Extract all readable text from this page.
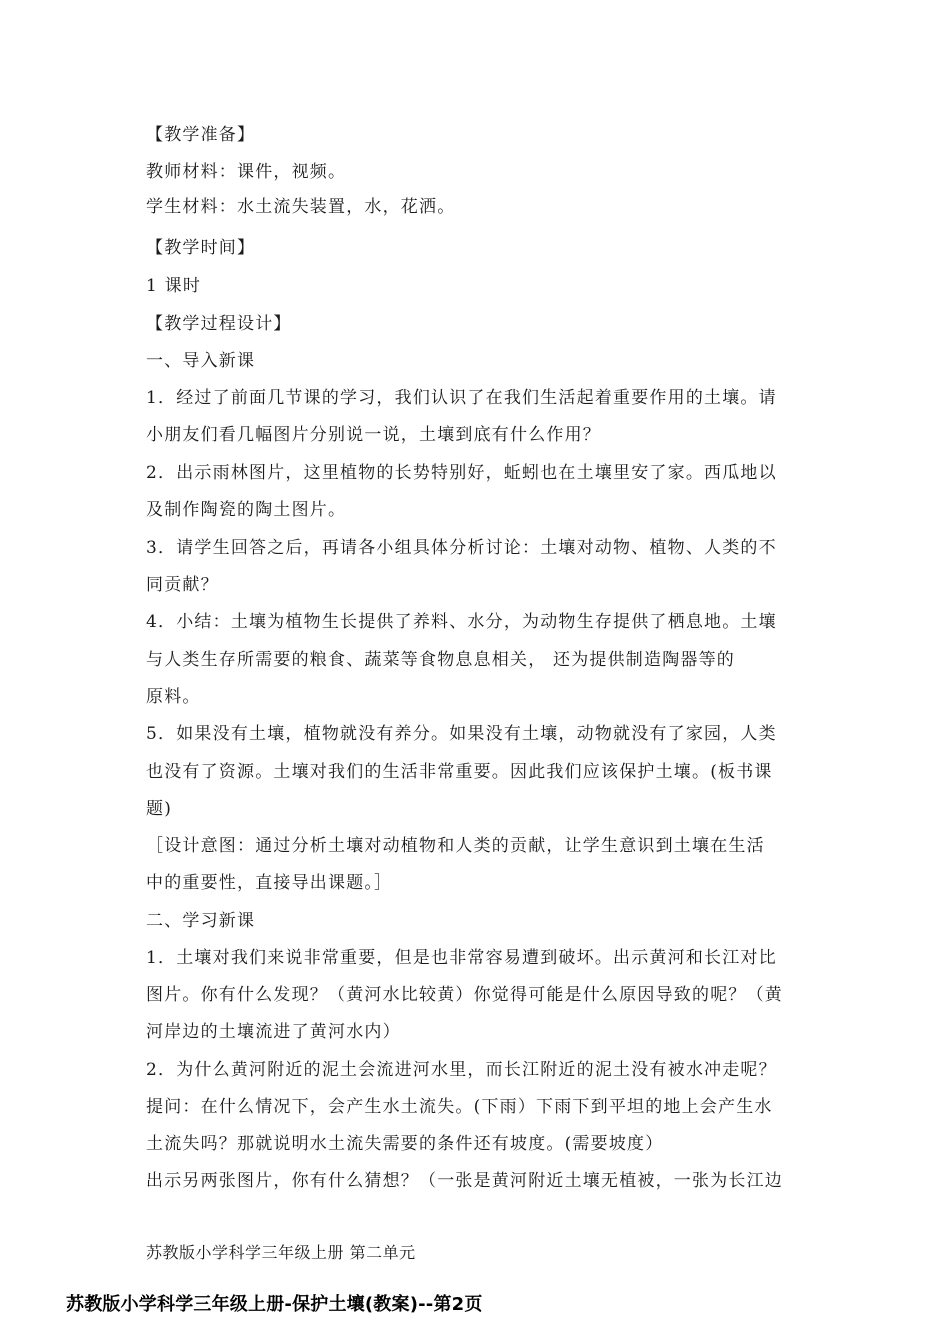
【教学准备】
教师材料：课件，视频。
学生材料：水土流失装置，水，花洒。
【教学时间】
1 课时
【教学过程设计】
一、导入新课
1．经过了前面几节课的学习，我们认识了在我们生活起着重要作用的土壤。请
小朋友们看几幅图片分别说一说，土壤到底有什么作用？
2．出示雨林图片，这里植物的长势特别好，蚯蚓也在土壤里安了家。西瓜地以
及制作陶瓷的陶土图片。
3．请学生回答之后，再请各小组具体分析讨论：土壤对动物、植物、人类的不
同贡献？
4．小结：土壤为植物生长提供了养料、水分，为动物生存提供了栖息地。土壤
与人类生存所需要的粮食、蔬菜等食物息息相关， 还为提供制造陶器等的
原料。
5．如果没有土壤，植物就没有养分。如果没有土壤，动物就没有了家园，人类
也没有了资源。土壤对我们的生活非常重要。因此我们应该保护土壤。(板书课
题)
［设计意图：通过分析土壤对动植物和人类的贡献，让学生意识到土壤在生活
中的重要性，直接导出课题。］
二、学习新课
1．土壤对我们来说非常重要，但是也非常容易遭到破坏。出示黄河和长江对比
图片。你有什么发现？（黄河水比较黄）你觉得可能是什么原因导致的呢？（黄
河岸边的土壤流进了黄河水内）
2．为什么黄河附近的泥土会流进河水里，而长江附近的泥土没有被水冲走呢？
提问：在什么情况下，会产生水土流失。(下雨）下雨下到平坦的地上会产生水
土流失吗？那就说明水土流失需要的条件还有坡度。(需要坡度）
出示另两张图片，你有什么猜想？（一张是黄河附近土壤无植被，一张为长江边
苏教版小学科学三年级上册 第二单元
苏教版小学科学三年级上册-保护土壤(教案)--第2页
